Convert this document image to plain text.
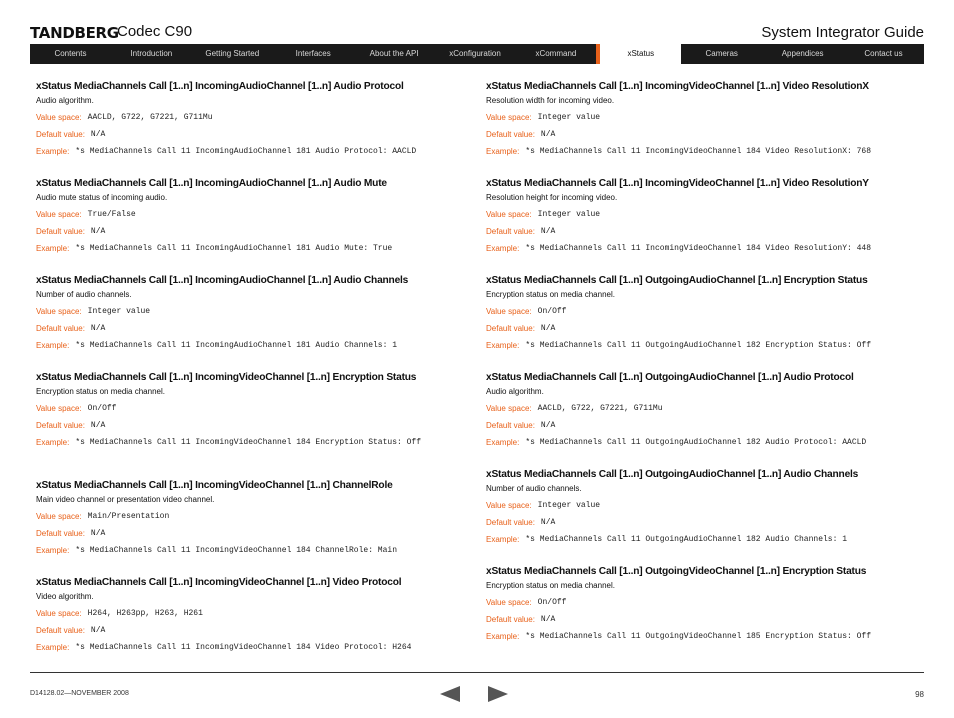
TANDBERG
Codec C90	System Integrator Guide
Contents	Introduction	Getting Started	Interfaces	About the API	xConfiguration	xCommand	xStatus	Cameras	Appendices	Contact us
xStatus MediaChannels Call [1..n] IncomingAudioChannel [1..n] Audio Protocol
Audio algorithm.
Value space: AACLD, G722, G7221, G711Mu
Default value: N/A
Example: *s MediaChannels Call 11 IncomingAudioChannel 181 Audio Protocol: AACLD
xStatus MediaChannels Call [1..n] IncomingAudioChannel [1..n] Audio Mute
Audio mute status of incoming audio.
Value space: True/False
Default value: N/A
Example: *s MediaChannels Call 11 IncomingAudioChannel 181 Audio Mute: True
xStatus MediaChannels Call [1..n] IncomingAudioChannel [1..n] Audio Channels
Number of audio channels.
Value space: Integer value
Default value: N/A
Example: *s MediaChannels Call 11 IncomingAudioChannel 181 Audio Channels: 1
xStatus MediaChannels Call [1..n] IncomingVideoChannel [1..n] Encryption Status
Encryption status on media channel.
Value space: On/Off
Default value: N/A
Example: *s MediaChannels Call 11 IncomingVideoChannel 184 Encryption Status: Off
xStatus MediaChannels Call [1..n] IncomingVideoChannel [1..n] ChannelRole
Main video channel or presentation video channel.
Value space: Main/Presentation
Default value: N/A
Example: *s MediaChannels Call 11 IncomingVideoChannel 184 ChannelRole: Main
xStatus MediaChannels Call [1..n] IncomingVideoChannel [1..n] Video Protocol
Video algorithm.
Value space: H264, H263pp, H263, H261
Default value: N/A
Example: *s MediaChannels Call 11 IncomingVideoChannel 184 Video Protocol: H264
xStatus MediaChannels Call [1..n] IncomingVideoChannel [1..n] Video ResolutionX
Resolution width for incoming video.
Value space: Integer value
Default value: N/A
Example: *s MediaChannels Call 11 IncomingVideoChannel 184 Video ResolutionX: 768
xStatus MediaChannels Call [1..n] IncomingVideoChannel [1..n] Video ResolutionY
Resolution height for incoming video.
Value space: Integer value
Default value: N/A
Example: *s MediaChannels Call 11 IncomingVideoChannel 184 Video ResolutionY: 448
xStatus MediaChannels Call [1..n] OutgoingAudioChannel [1..n] Encryption Status
Encryption status on media channel.
Value space: On/Off
Default value: N/A
Example: *s MediaChannels Call 11 OutgoingAudioChannel 182 Encryption Status: Off
xStatus MediaChannels Call [1..n] OutgoingAudioChannel [1..n] Audio Protocol
Audio algorithm.
Value space: AACLD, G722, G7221, G711Mu
Default value: N/A
Example: *s MediaChannels Call 11 OutgoingAudioChannel 182 Audio Protocol: AACLD
xStatus MediaChannels Call [1..n] OutgoingAudioChannel [1..n] Audio Channels
Number of audio channels.
Value space: Integer value
Default value: N/A
Example: *s MediaChannels Call 11 OutgoingAudioChannel 182 Audio Channels: 1
xStatus MediaChannels Call [1..n] OutgoingVideoChannel [1..n] Encryption Status
Encryption status on media channel.
Value space: On/Off
Default value: N/A
Example: *s MediaChannels Call 11 OutgoingVideoChannel 185 Encryption Status: Off
D14128.02—NOVEMBER 2008	98
